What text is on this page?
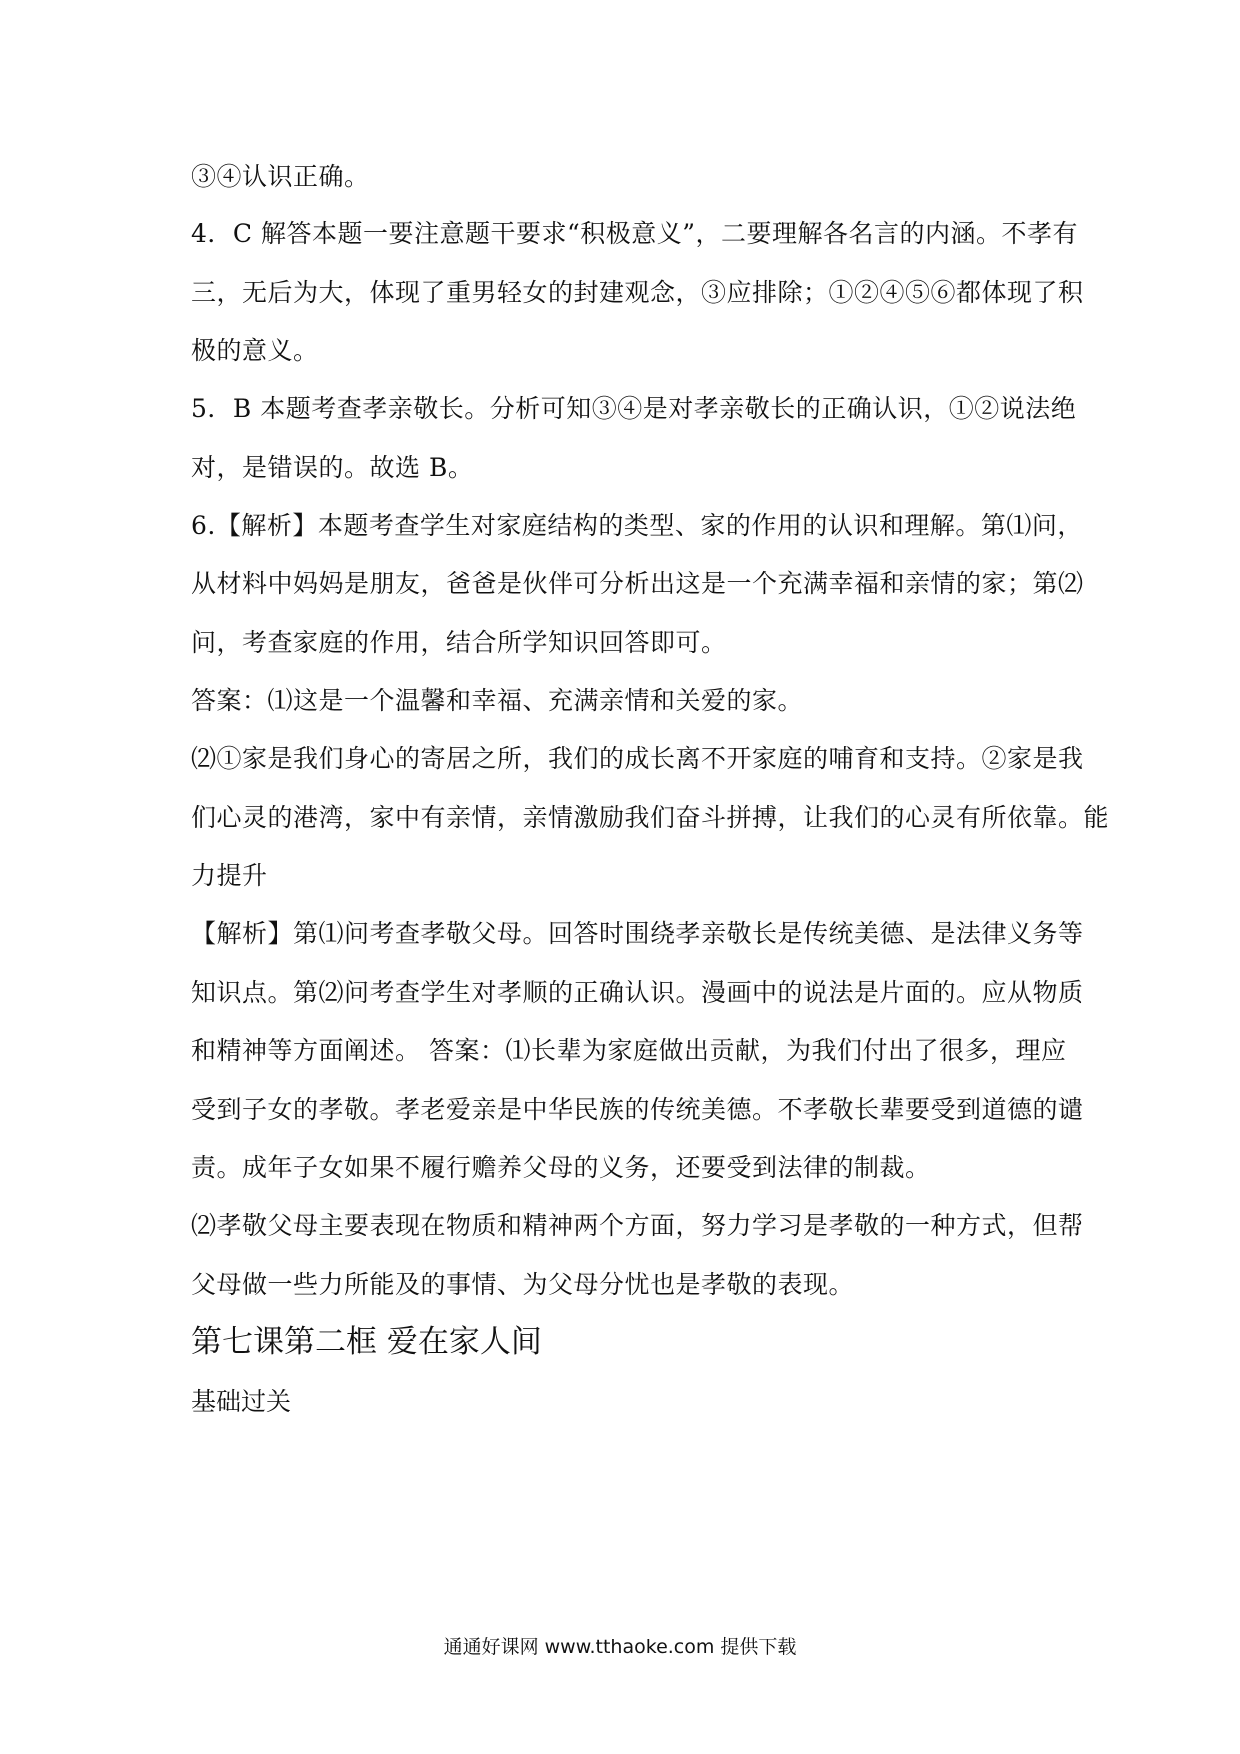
③④认识正确。
4．C 解答本题一要注意题干要求“积极意义”，二要理解各名言的内涵。不孝有
三，无后为大，体现了重男轻女的封建观念，③应排除；①②④⑤⑥都体现了积
极的意义。
5．B 本题考查孝亲敬长。分析可知③④是对孝亲敬长的正确认识，①②说法绝
对，是错误的。故选 B。
6.【解析】本题考查学生对家庭结构的类型、家的作用的认识和理解。第⑴问，
从材料中妈妈是朋友，爸爸是伙伴可分析出这是一个充满幸福和亲情的家；第⑵
问，考查家庭的作用，结合所学知识回答即可。
答案：⑴这是一个温馨和幸福、充满亲情和关爱的家。
⑵①家是我们身心的寄居之所，我们的成长离不开家庭的哺育和支持。②家是我
们心灵的港湾，家中有亲情，亲情激励我们奋斗拼搏，让我们的心灵有所依靠。能
力提升
【解析】第⑴问考查孝敬父母。回答时围绕孝亲敬长是传统美德、是法律义务等
知识点。第⑵问考查学生对孝顺的正确认识。漫画中的说法是片面的。应从物质
和精神等方面阐述。 答案：⑴长辈为家庭做出贡献，为我们付出了很多，理应
受到子女的孝敬。孝老爱亲是中华民族的传统美德。不孝敬长辈要受到道德的谴
责。成年子女如果不履行赡养父母的义务，还要受到法律的制裁。
⑵孝敬父母主要表现在物质和精神两个方面，努力学习是孝敬的一种方式，但帮
父母做一些力所能及的事情、为父母分忧也是孝敬的表现。
第七课第二框 爱在家人间
基础过关
通通好课网 www.tthaoke.com 提供下载
